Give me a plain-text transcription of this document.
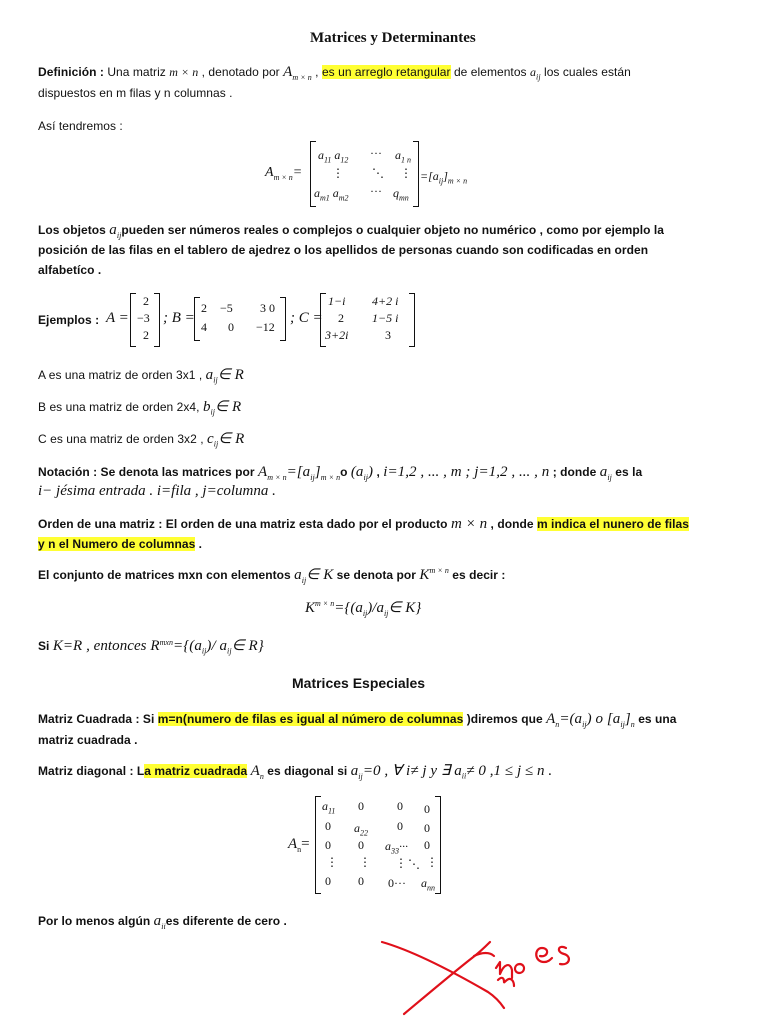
Matrices y Determinantes
Definición : Una matriz m × n , denotado por $A_{m \times n}$ , es un arreglo retangular de elementos $a_{ij}$ los cuales están
dispuestos en m filas y n columnas .
Así tendremos :
$A_{m \times n}=$
$a_{11}$ $a_{12}$ ··· $a_{1 n}$
⋮ ⋱ ⋮
$a_{m1}$ $a_{m2}$ ··· $q_{mn}$
$=[a_{ij}]_{m \times n}$
Los objetos $a_{ij}pueden$ ser números reales o complejos o cualquier objeto no numérico , como por ejemplo la
posición de las filas en el tablero de ajedrez o los apellidos de personas cuando son codificadas en orden
alfabetíco .
Ejemplos : A =
2
−3
2
; B =
2 −5 3 0
4 0 −12
; C =
1−i 4+2 i
2 1−5 i
3+2i	3
A es una matriz de orden 3x1 , $a_{ij}\in$ R
B es una matriz de orden 2x4, $b_{ij}\in$ R
C es una matriz de orden 3x2 , $c_{ij}\in$ R
Notación : Se denota las matrices por $A_{m \times n}=[a_{ij}]_{m \times n}o$ $(a_{ij})$ , i=1,2 , ... , m ; j=1,2 , ... , n ; donde $a_{ij}$ es la
i− jésima entrada . i=fila , j=columna .
Orden de una matriz : El orden de una matriz esta dado por el producto m × n , donde m indica el nunero de filas
y n el Numero de columnas .
El conjunto de matrices mxn con elementos $a_{ij}\in$ K se denota por $K^{m \times n}$ es decir :
$K^{m \times n}=\{(a_{ij})/a_{ij}\in$ K}
Si K=R , entonces $R^{mxn}=\{(a_{ij})/$ $a_{ij}\in$ R}
Matrices Especiales
Matriz Cuadrada : Si m=n(numero de filas es igual al número de columnas )diremos que $A_n=(a_{ij})$ o $[a_{ij}]_n$ es una
matriz cuadrada .
Matriz diagonal : La matriz cuadrada $A_n$ es diagonal si $a_{ij}=0$ , ∀ i≠ j y ∃ $a_{ii}\ne 0$ ,1 ≤ j ≤ n .
$A_n=$
$a_{11}$ 0	0 0
0 $a_{22}$ 0 0
0 0 $a_{33}\cdot\cdot\cdot 0$
⋮ ⋮ ⋮ ⋱ ⋮
0 0 $0\cdot\cdot\cdot a_{nn}$
Por lo menos algún $a_{ii}es$ diferente de cero .	no es
